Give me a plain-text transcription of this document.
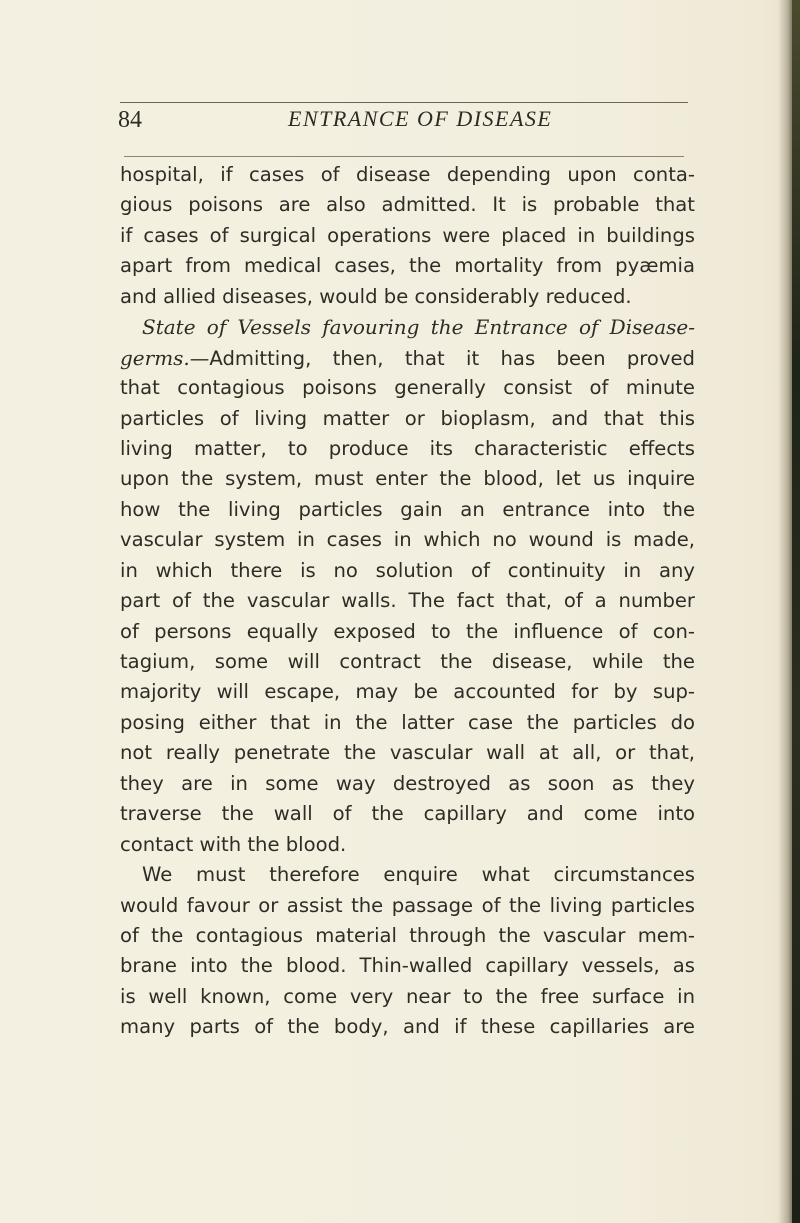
84	ENTRANCE OF DISEASE
hospital, if cases of disease depending upon conta-
gious poisons are also admitted. It is probable that
if cases of surgical operations were placed in buildings
apart from medical cases, the mortality from pyæmia
and allied diseases, would be considerably reduced.
State of Vessels favouring the Entrance of Disease-
germs.—Admitting, then, that it has been proved
that contagious poisons generally consist of minute
particles of living matter or bioplasm, and that this
living matter, to produce its characteristic effects
upon the system, must enter the blood, let us inquire
how the living particles gain an entrance into the
vascular system in cases in which no wound is made,
in which there is no solution of continuity in any
part of the vascular walls. The fact that, of a number
of persons equally exposed to the influence of con-
tagium, some will contract the disease, while the
majority will escape, may be accounted for by sup-
posing either that in the latter case the particles do
not really penetrate the vascular wall at all, or that,
they are in some way destroyed as soon as they
traverse the wall of the capillary and come into
contact with the blood.
We must therefore enquire what circumstances
would favour or assist the passage of the living particles
of the contagious material through the vascular mem-
brane into the blood. Thin-walled capillary vessels, as
is well known, come very near to the free surface in
many parts of the body, and if these capillaries are
